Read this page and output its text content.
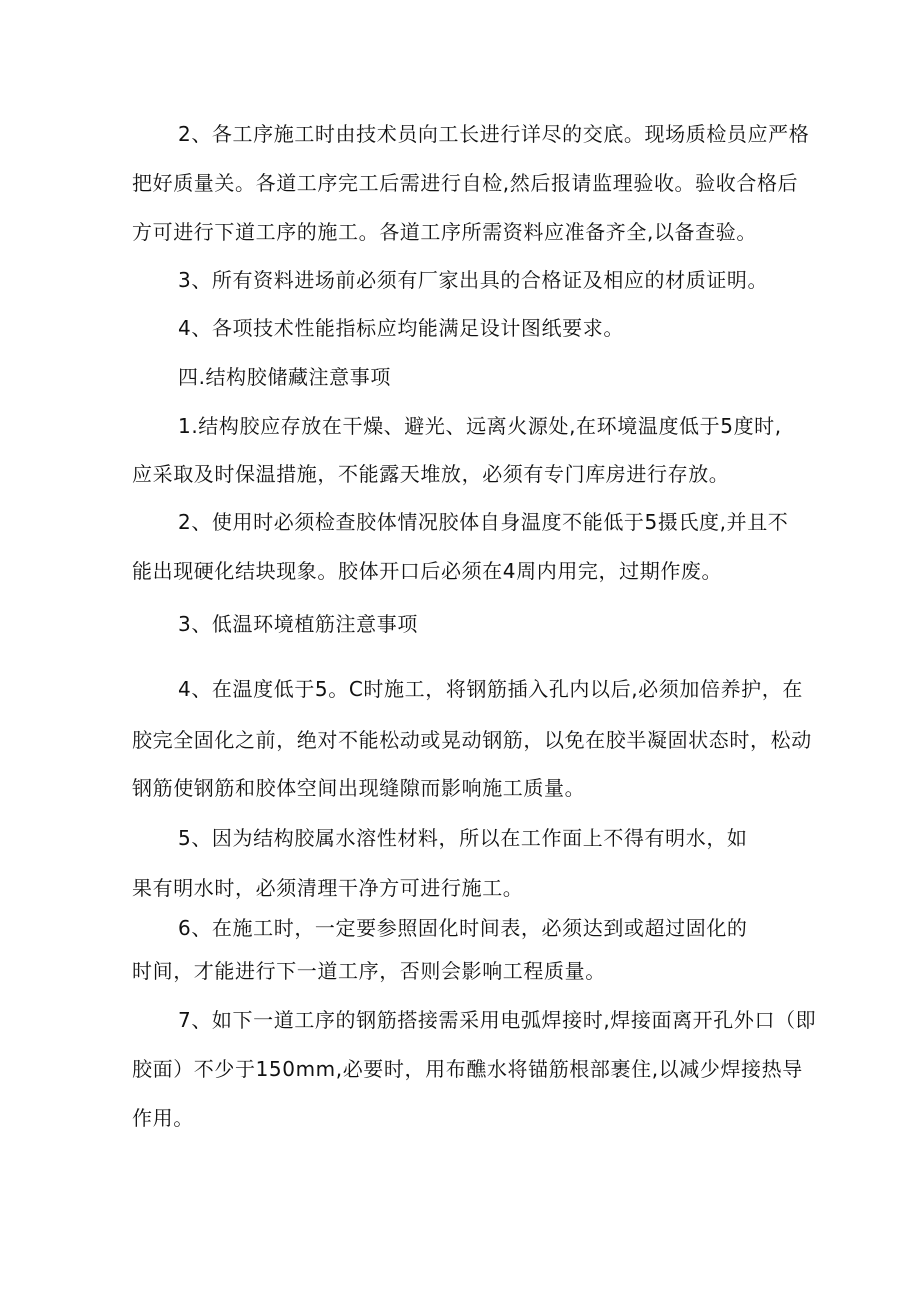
2、各工序施工时由技术员向工长进行详尽的交底。现场质检员应严格
把好质量关。各道工序完工后需进行自检,然后报请监理验收。验收合格后
方可进行下道工序的施工。各道工序所需资料应准备齐全,以备查验。
3、所有资料进场前必须有厂家出具的合格证及相应的材质证明。
4、各项技术性能指标应均能满足设计图纸要求。
四.结构胶储藏注意事项
1.结构胶应存放在干燥、避光、远离火源处,在环境温度低于5度时,
应采取及时保温措施，不能露天堆放，必须有专门库房进行存放。
2、使用时必须检查胶体情况胶体自身温度不能低于5摄氏度,并且不
能出现硬化结块现象。胶体开口后必须在4周内用完，过期作废。
3、低温环境植筋注意事项
4、在温度低于5。C时施工，将钢筋插入孔内以后,必须加倍养护，在
胶完全固化之前，绝对不能松动或晃动钢筋，以免在胶半凝固状态时，松动
钢筋使钢筋和胶体空间出现缝隙而影响施工质量。
5、因为结构胶属水溶性材料，所以在工作面上不得有明水，如
果有明水时，必须清理干净方可进行施工。
6、在施工时，一定要参照固化时间表，必须达到或超过固化的
时间，才能进行下一道工序，否则会影响工程质量。
7、如下一道工序的钢筋搭接需采用电弧焊接时,焊接面离开孔外口（即
胶面）不少于150mm,必要时，用布醮水将锚筋根部裹住,以减少焊接热导
作用。
